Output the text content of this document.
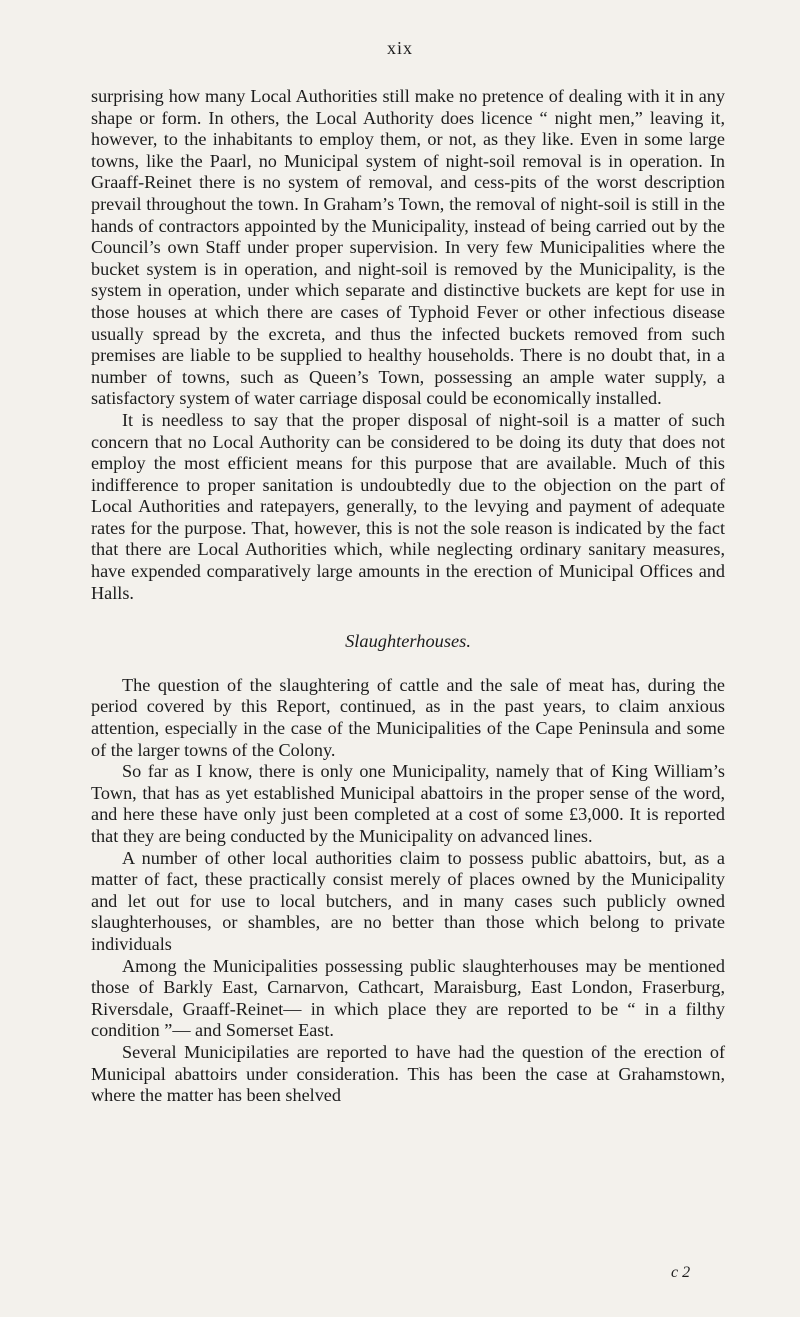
xix

surprising how many Local Authorities still make no pretence of dealing with it in any shape or form. In others, the Local Authority does licence “ night men,” leaving it, however, to the inhabitants to employ them, or not, as they like. Even in some large towns, like the Paarl, no Municipal system of night-soil removal is in operation. In Graaff-Reinet there is no system of removal, and cess-pits of the worst description prevail throughout the town. In Graham’s Town, the removal of night-soil is still in the hands of contractors appointed by the Municipality, instead of being carried out by the Council’s own Staff under proper supervision. In very few Municipalities where the bucket system is in operation, and night-soil is removed by the Municipality, is the system in operation, under which separate and distinctive buckets are kept for use in those houses at which there are cases of Typhoid Fever or other infectious disease usually spread by the excreta, and thus the infected buckets removed from such premises are liable to be supplied to healthy households. There is no doubt that, in a number of towns, such as Queen’s Town, possessing an ample water supply, a satisfactory system of water carriage disposal could be economically installed.

It is needless to say that the proper disposal of night-soil is a matter of such concern that no Local Authority can be considered to be doing its duty that does not employ the most efficient means for this purpose that are available. Much of this indifference to proper sanitation is undoubtedly due to the objection on the part of Local Authorities and ratepayers, generally, to the levying and payment of adequate rates for the purpose. That, however, this is not the sole reason is indicated by the fact that there are Local Authorities which, while neglecting ordinary sanitary measures, have expended comparatively large amounts in the erection of Municipal Offices and Halls.

Slaughterhouses.

The question of the slaughtering of cattle and the sale of meat has, during the period covered by this Report, continued, as in the past years, to claim anxious attention, especially in the case of the Municipalities of the Cape Peninsula and some of the larger towns of the Colony.

So far as I know, there is only one Municipality, namely that of King William’s Town, that has as yet established Municipal abattoirs in the proper sense of the word, and here these have only just been completed at a cost of some £3,000. It is reported that they are being conducted by the Municipality on advanced lines.

A number of other local authorities claim to possess public abattoirs, but, as a matter of fact, these practically consist merely of places owned by the Municipality and let out for use to local butchers, and in many cases such publicly owned slaughterhouses, or shambles, are no better than those which belong to private individuals

Among the Municipalities possessing public slaughterhouses may be mentioned those of Barkly East, Carnarvon, Cathcart, Maraisburg, East London, Fraserburg, Riversdale, Graaff-Reinet— in which place they are reported to be “ in a filthy condition ”— and Somerset East.

Several Municipilaties are reported to have had the question of the erection of Municipal abattoirs under consideration. This has been the case at Grahamstown, where the matter has been shelved

c 2
